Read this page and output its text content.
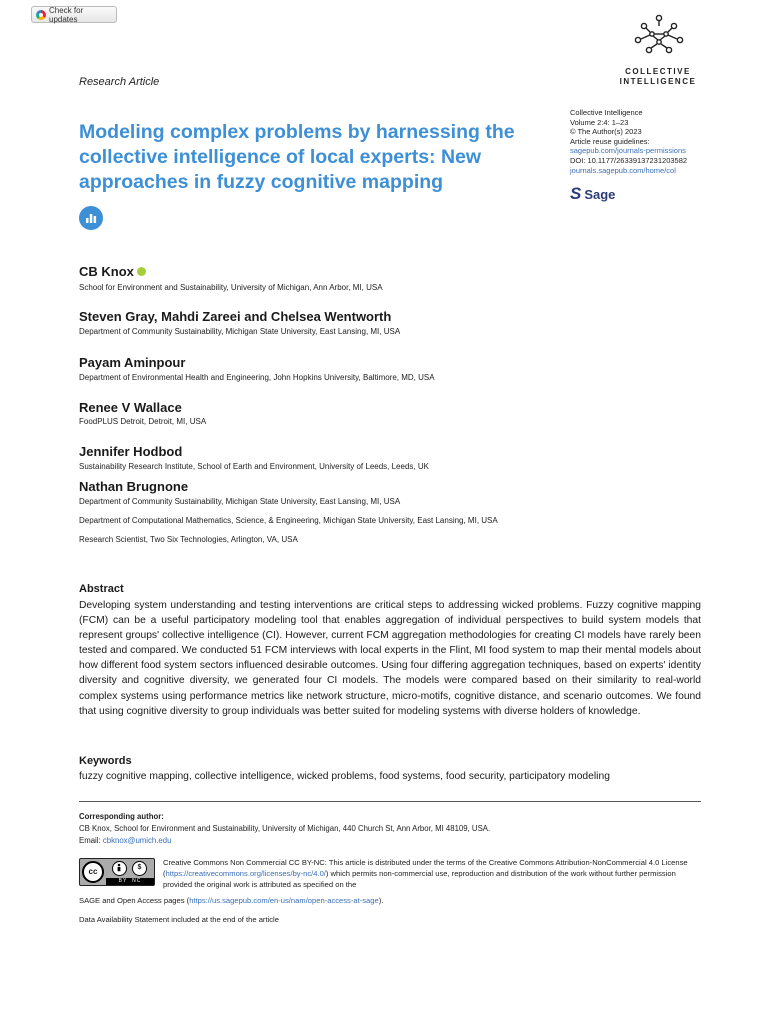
Check for updates
Research Article
COLLECTIVE
INTELLIGENCE
Modeling complex problems by harnessing the collective intelligence of local experts: New approaches in fuzzy cognitive mapping
Collective Intelligence
Volume 2:4: 1–23
© The Author(s) 2023
Article reuse guidelines:
sagepub.com/journals-permissions
DOI: 10.1177/26339137231203582
journals.sagepub.com/home/col
S Sage
CB Knox
School for Environment and Sustainability, University of Michigan, Ann Arbor, MI, USA
Steven Gray, Mahdi Zareei and Chelsea Wentworth
Department of Community Sustainability, Michigan State University, East Lansing, MI, USA
Payam Aminpour
Department of Environmental Health and Engineering, John Hopkins University, Baltimore, MD, USA
Renee V Wallace
FoodPLUS Detroit, Detroit, MI, USA
Jennifer Hodbod
Sustainability Research Institute, School of Earth and Environment, University of Leeds, Leeds, UK
Nathan Brugnone
Department of Community Sustainability, Michigan State University, East Lansing, MI, USA
Department of Computational Mathematics, Science, & Engineering, Michigan State University, East Lansing, MI, USA
Research Scientist, Two Six Technologies, Arlington, VA, USA
Abstract
Developing system understanding and testing interventions are critical steps to addressing wicked problems. Fuzzy cognitive mapping (FCM) can be a useful participatory modeling tool that enables aggregation of individual perspectives to build system models that represent groups' collective intelligence (CI). However, current FCM aggregation methodologies for creating CI models have rarely been tested and compared. We conducted 51 FCM interviews with local experts in the Flint, MI food system to map their mental models about how different food system sectors influenced desirable outcomes. Using four differing aggregation techniques, based on experts' identity diversity and cognitive diversity, we generated four CI models. The models were compared based on their similarity to real-world complex systems using performance metrics like network structure, micro-motifs, cognitive distance, and scenario outcomes. We found that using cognitive diversity to group individuals was better suited for modeling systems with diverse holders of knowledge.
Keywords
fuzzy cognitive mapping, collective intelligence, wicked problems, food systems, food security, participatory modeling
Corresponding author:
CB Knox, School for Environment and Sustainability, University of Michigan, 440 Church St, Ann Arbor, MI 48109, USA.
Email: cbknox@umich.edu
cc	$
BY NC
Creative Commons Non Commercial CC BY-NC: This article is distributed under the terms of the Creative Commons Attribution-NonCommercial 4.0 License (https://creativecommons.org/licenses/by-nc/4.0/) which permits non-commercial use, reproduction and distribution of the work without further permission provided the original work is attributed as specified on the
SAGE and Open Access pages (https://us.sagepub.com/en-us/nam/open-access-at-sage).
Data Availability Statement included at the end of the article
